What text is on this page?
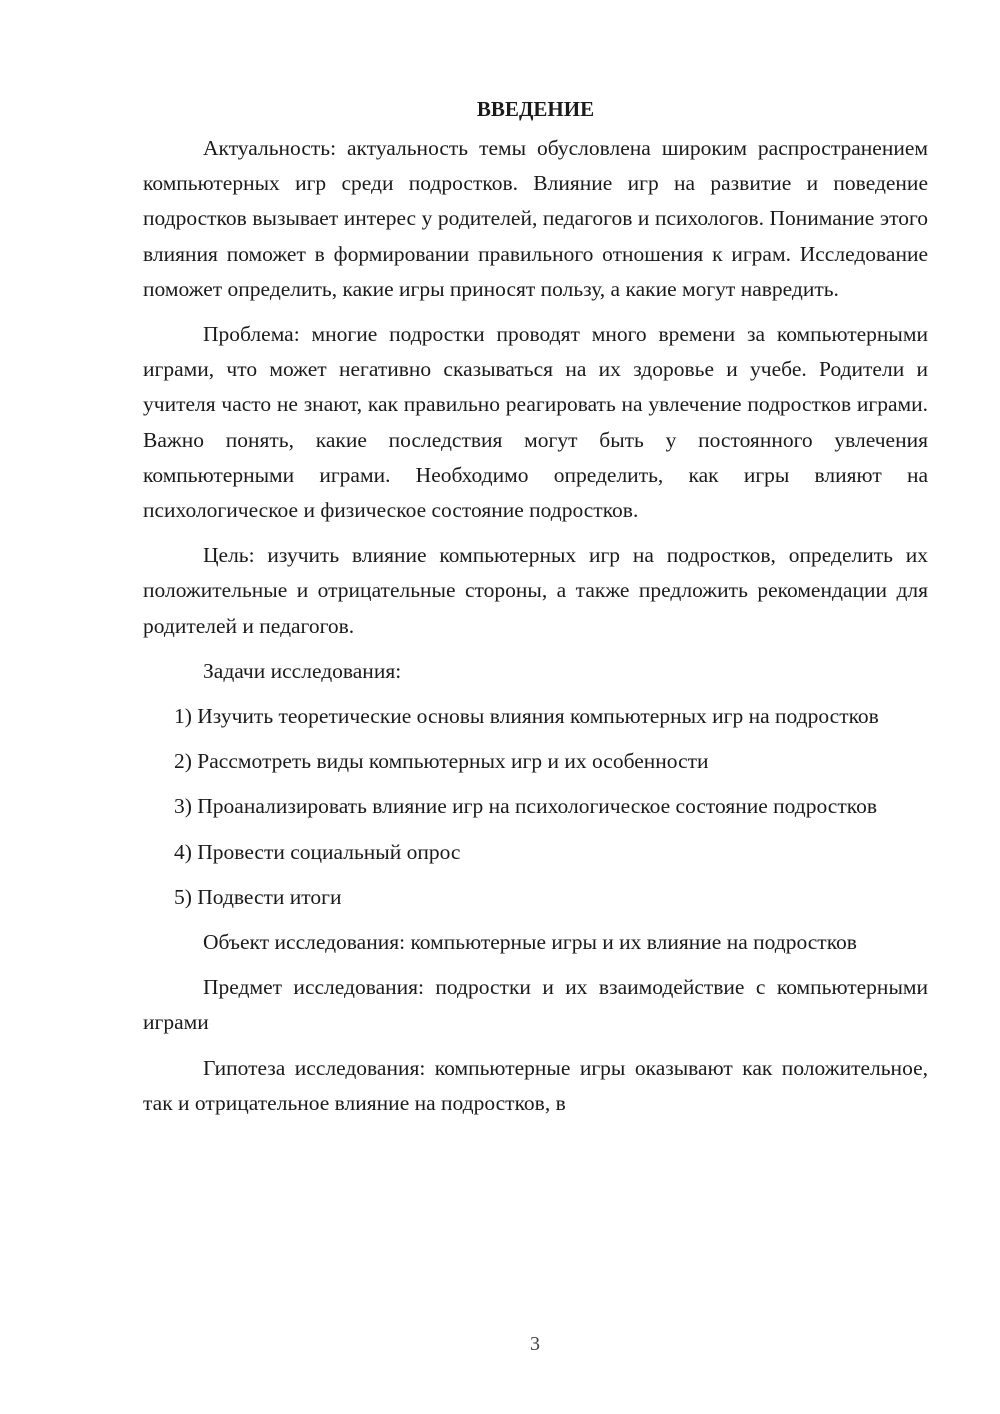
ВВЕДЕНИЕ

Актуальность: актуальность темы обусловлена широким распространением компьютерных игр среди подростков. Влияние игр на развитие и поведение подростков вызывает интерес у родителей, педагогов и психологов. Понимание этого влияния поможет в формировании правильного отношения к играм. Исследование поможет определить, какие игры приносят пользу, а какие могут навредить.

Проблема: многие подростки проводят много времени за компьютерными играми, что может негативно сказываться на их здоровье и учебе. Родители и учителя часто не знают, как правильно реагировать на увлечение подростков играми. Важно понять, какие последствия могут быть у постоянного увлечения компьютерными играми. Необходимо определить, как игры влияют на психологическое и физическое состояние подростков.

Цель: изучить влияние компьютерных игр на подростков, определить их положительные и отрицательные стороны, а также предложить рекомендации для родителей и педагогов.

Задачи исследования:

1) Изучить теоретические основы влияния компьютерных игр на подростков

2) Рассмотреть виды компьютерных игр и их особенности

3) Проанализировать влияние игр на психологическое состояние подростков

4) Провести социальный опрос

5) Подвести итоги

Объект исследования: компьютерные игры и их влияние на подростков

Предмет исследования: подростки и их взаимодействие с компьютерными играми

Гипотеза исследования: компьютерные игры оказывают как положительное, так и отрицательное влияние на подростков, в

3
